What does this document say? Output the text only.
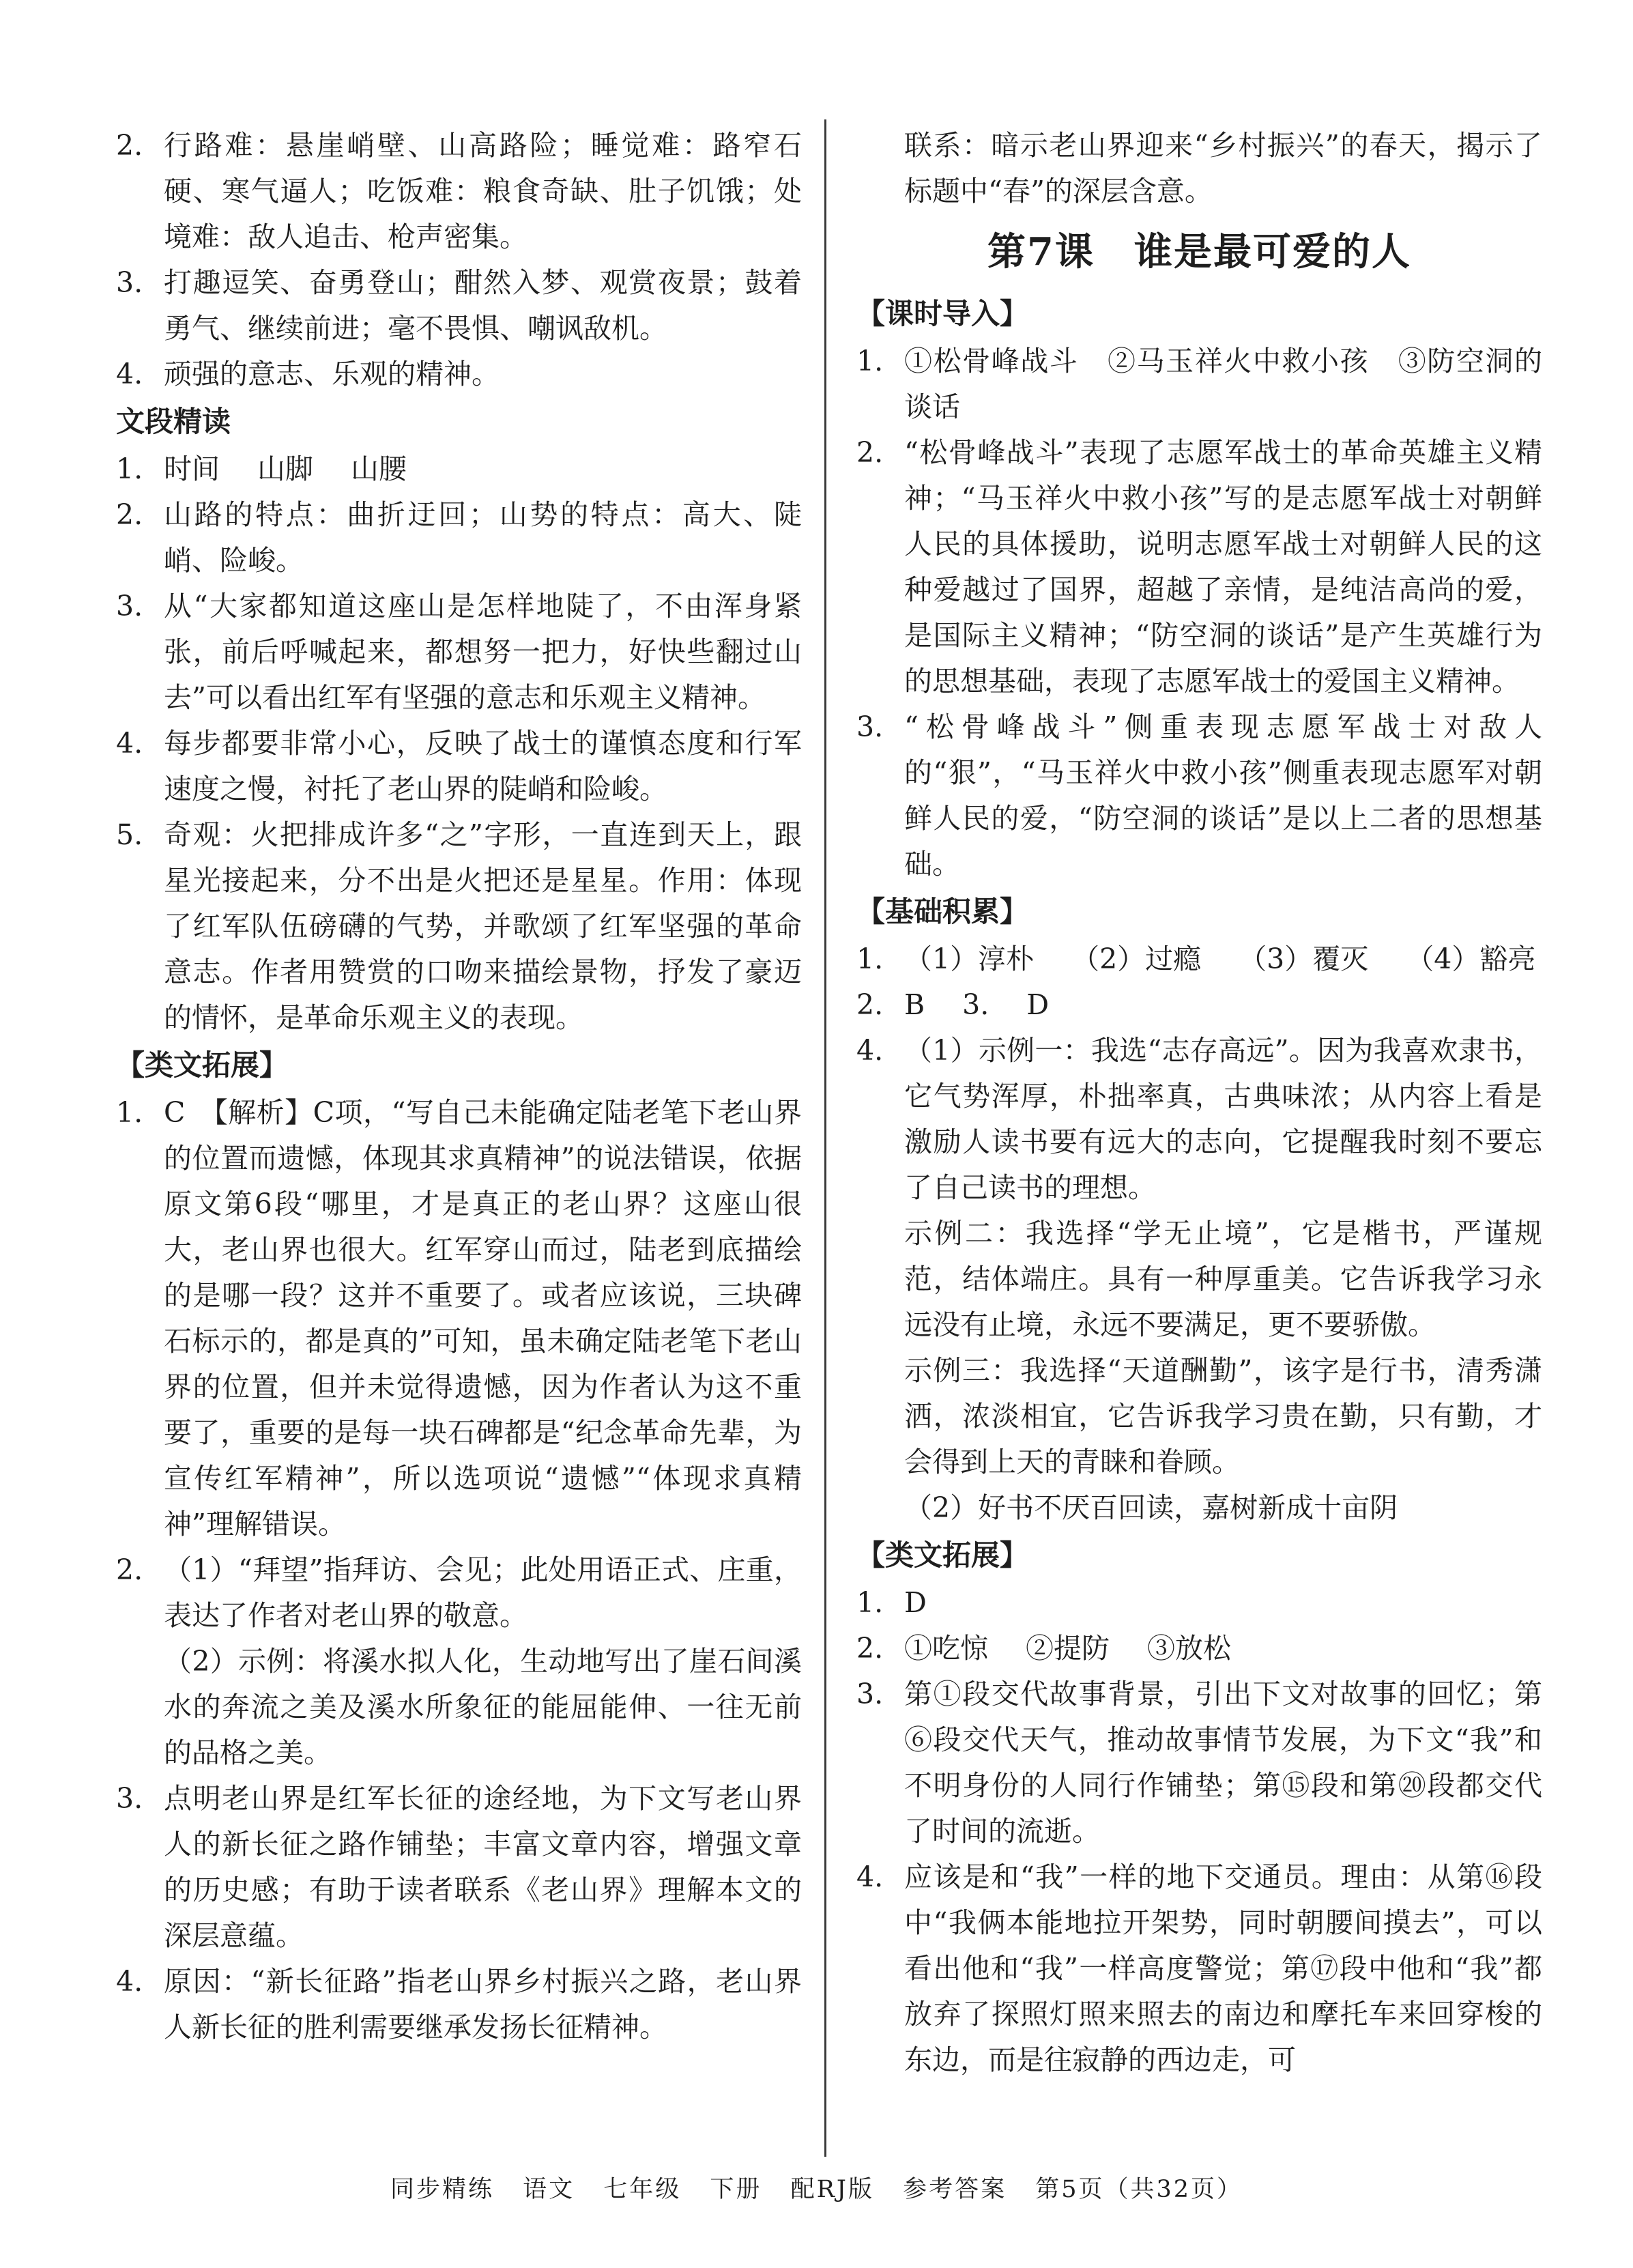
2. 行路难：悬崖峭壁、山高路险；睡觉难：路窄石硬、寒气逼人；吃饭难：粮食奇缺、肚子饥饿；处境难：敌人追击、枪声密集。
3. 打趣逗笑、奋勇登山；酣然入梦、观赏夜景；鼓着勇气、继续前进；毫不畏惧、嘲讽敌机。
4. 顽强的意志、乐观的精神。
文段精读
1. 时间 山脚 山腰
2. 山路的特点：曲折迂回；山势的特点：高大、陡峭、险峻。
3. 从“大家都知道这座山是怎样地陡了，不由浑身紧张，前后呼喊起来，都想努一把力，好快些翻过山去”可以看出红军有坚强的意志和乐观主义精神。
4. 每步都要非常小心，反映了战士的谨慎态度和行军速度之慢，衬托了老山界的陡峭和险峻。
5. 奇观：火把排成许多“之”字形，一直连到天上，跟星光接起来，分不出是火把还是星星。作用：体现了红军队伍磅礴的气势，并歌颂了红军坚强的革命意志。作者用赞赏的口吻来描绘景物，抒发了豪迈的情怀，是革命乐观主义的表现。
【类文拓展】
1. C　【解析】C项，“写自己未能确定陆老笔下老山界的位置而遗憾，体现其求真精神”的说法错误，依据原文第6段“哪里，才是真正的老山界？这座山很大，老山界也很大。红军穿山而过，陆老到底描绘的是哪一段？这并不重要了。或者应该说，三块碑石标示的，都是真的”可知，虽未确定陆老笔下老山界的位置，但并未觉得遗憾，因为作者认为这不重要了，重要的是每一块石碑都是“纪念革命先辈，为宣传红军精神”，所以选项说“遗憾”“体现求真精神”理解错误。
2. （1）“拜望”指拜访、会见；此处用语正式、庄重，表达了作者对老山界的敬意。
（2）示例：将溪水拟人化，生动地写出了崖石间溪水的奔流之美及溪水所象征的能屈能伸、一往无前的品格之美。
3. 点明老山界是红军长征的途经地，为下文写老山界人的新长征之路作铺垫；丰富文章内容，增强文章的历史感；有助于读者联系《老山界》理解本文的深层意蕴。
4. 原因：“新长征路”指老山界乡村振兴之路，老山界人新长征的胜利需要继承发扬长征精神。
联系：暗示老山界迎来“乡村振兴”的春天，揭示了标题中“春”的深层含意。
第7课　谁是最可爱的人
【课时导入】
1. ①松骨峰战斗　②马玉祥火中救小孩　③防空洞的谈话
2. “松骨峰战斗”表现了志愿军战士的革命英雄主义精神；“马玉祥火中救小孩”写的是志愿军战士对朝鲜人民的具体援助，说明志愿军战士对朝鲜人民的这种爱越过了国界，超越了亲情，是纯洁高尚的爱，是国际主义精神；“防空洞的谈话”是产生英雄行为的思想基础，表现了志愿军战士的爱国主义精神。
3. “松骨峰战斗”侧重表现志愿军战士对敌人的“狠”，“马玉祥火中救小孩”侧重表现志愿军对朝鲜人民的爱，“防空洞的谈话”是以上二者的思想基础。
【基础积累】
1. （1）淳朴 （2）过瘾 （3）覆灭 （4）豁亮
2. B 3. D
4. （1）示例一：我选“志存高远”。因为我喜欢隶书，它气势浑厚，朴拙率真，古典味浓；从内容上看是激励人读书要有远大的志向，它提醒我时刻不要忘了自己读书的理想。
示例二：我选择“学无止境”，它是楷书，严谨规范，结体端庄。具有一种厚重美。它告诉我学习永远没有止境，永远不要满足，更不要骄傲。
示例三：我选择“天道酬勤”，该字是行书，清秀潇洒，浓淡相宜，它告诉我学习贵在勤，只有勤，才会得到上天的青睐和眷顾。
（2）好书不厌百回读，嘉树新成十亩阴
【类文拓展】
1. D
2. ①吃惊 ②提防 ③放松
3. 第①段交代故事背景，引出下文对故事的回忆；第⑥段交代天气，推动故事情节发展，为下文“我”和不明身份的人同行作铺垫；第⑮段和第⑳段都交代了时间的流逝。
4. 应该是和“我”一样的地下交通员。理由：从第⑯段中“我俩本能地拉开架势，同时朝腰间摸去”，可以看出他和“我”一样高度警觉；第⑰段中他和“我”都放弃了探照灯照来照去的南边和摩托车来回穿梭的东边，而是往寂静的西边走，可
同步精练 语文 七年级 下册 配RJ版 参考答案 第5页（共32页）
